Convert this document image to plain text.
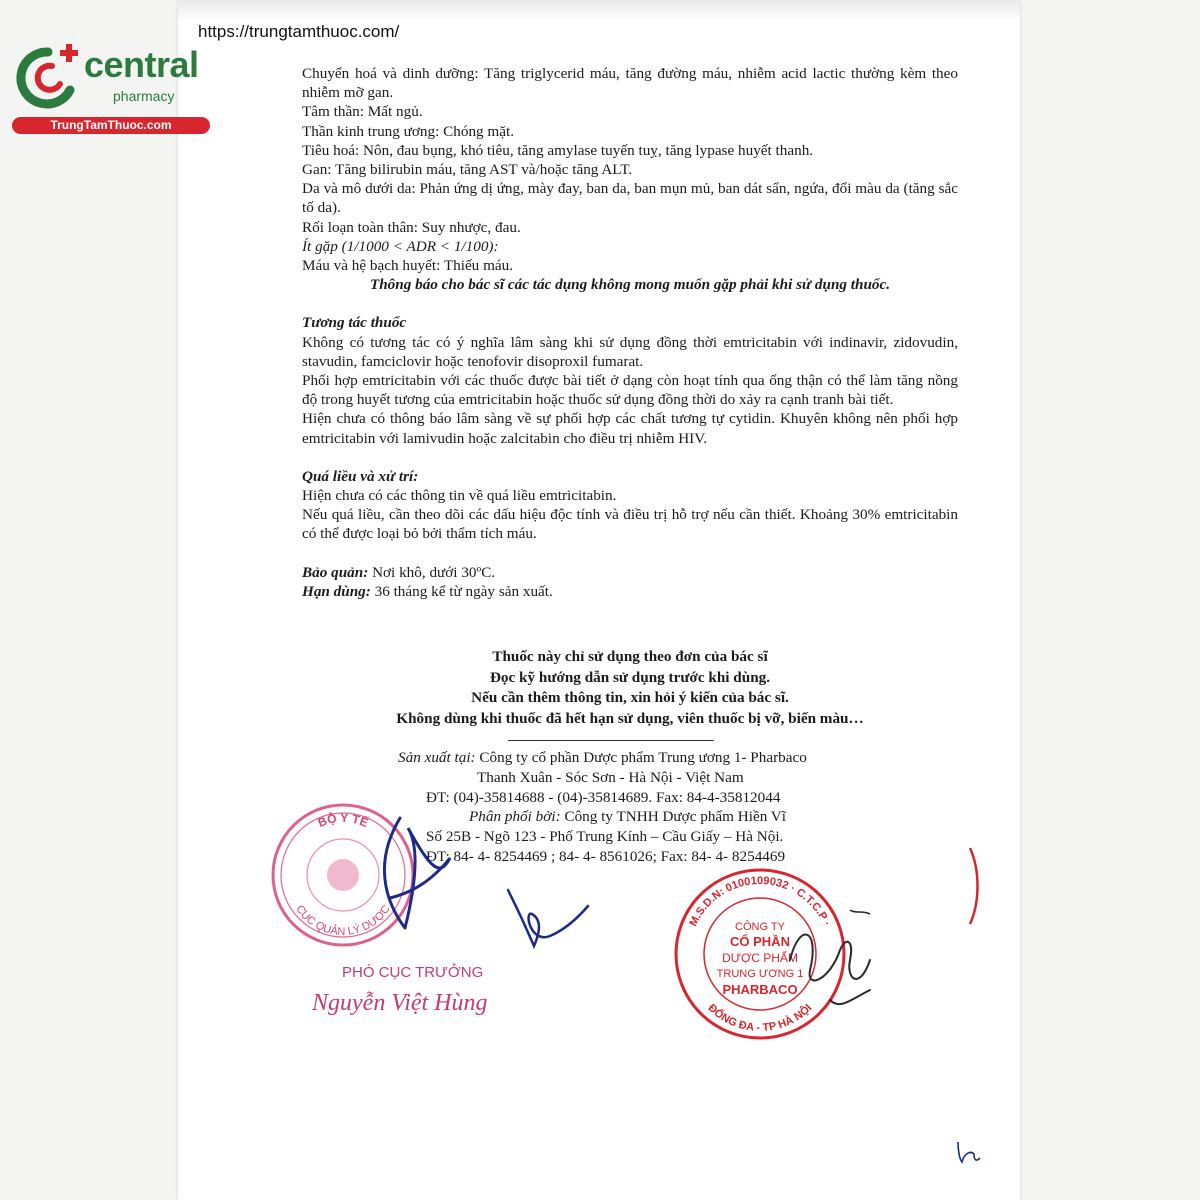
https://trungtamthuoc.com/
central
pharmacy
TrungTamThuoc.com

Chuyển hoá và dinh dưỡng: Tăng triglycerid máu, tăng đường máu, nhiễm acid lactic thường kèm theo nhiễm mỡ gan.

Tâm thần: Mất ngủ.

Thần kinh trung ương: Chóng mặt.

Tiêu hoá: Nôn, đau bụng, khó tiêu, tăng amylase tuyến tuỵ, tăng lypase huyết thanh.

Gan: Tăng bilirubin máu, tăng AST và/hoặc tăng ALT.

Da và mô dưới da: Phản ứng dị ứng, mày đay, ban da, ban mụn mủ, ban dát sẩn, ngứa, đổi màu da (tăng sắc tố da).

Rối loạn toàn thân: Suy nhược, đau.

Ít gặp (1/1000 < ADR < 1/100):

Máu và hệ bạch huyết: Thiếu máu.

Thông báo cho bác sĩ các tác dụng không mong muốn gặp phải khi sử dụng thuốc.

Tương tác thuốc

Không có tương tác có ý nghĩa lâm sàng khi sử dụng đồng thời emtricitabin với indinavir, zidovudin, stavudin, famciclovir hoặc tenofovir disoproxil fumarat.

Phối hợp emtricitabin với các thuốc được bài tiết ở dạng còn hoạt tính qua ống thận có thể làm tăng nồng độ trong huyết tương của emtricitabin hoặc thuốc sử dụng đồng thời do xảy ra cạnh tranh bài tiết.

Hiện chưa có thông báo lâm sàng về sự phối hợp các chất tương tự cytidin. Khuyên không nên phối hợp emtricitabin với lamivudin hoặc zalcitabin cho điều trị nhiễm HIV.

Quá liều và xử trí:

Hiện chưa có các thông tin về quá liều emtricitabin.

Nếu quá liều, cần theo dõi các dấu hiệu độc tính và điều trị hỗ trợ nếu cần thiết. Khoảng 30% emtricitabin có thể được loại bỏ bởi thẩm tích máu.

Bảo quản: Nơi khô, dưới 30ºC.

Hạn dùng: 36 tháng kể từ ngày sản xuất.

Thuốc này chỉ sử dụng theo đơn của bác sĩ
Đọc kỹ hướng dẫn sử dụng trước khi dùng.
Nếu cần thêm thông tin, xin hỏi ý kiến của bác sĩ.
Không dùng khi thuốc đã hết hạn sử dụng, viên thuốc bị vỡ, biến màu…
Sản xuất tại: Công ty cổ phần Dược phẩm Trung ương 1- Pharbaco
Thanh Xuân - Sóc Sơn - Hà Nội - Việt Nam
ĐT: (04)-35814688 - (04)-35814689. Fax: 84-4-35812044
Phân phối bởi: Công ty TNHH Dược phẩm Hiền Vĩ
Số 25B - Ngõ 123 - Phố Trung Kính – Cầu Giấy – Hà Nội.
ĐT: 84- 4- 8254469 ; 84- 4- 8561026; Fax: 84- 4- 8254469
BỘ Y TẾ
CỤC QUẢN LÝ DƯỢC
M.S.D.N: 0100109032 · C.T.C.P ·
ĐỐNG ĐA - TP HÀ NỘI
CÔNG TY
CỔ PHẦN
DƯỢC PHẨM
TRUNG ƯƠNG 1
PHARBACO
PHÓ CỤC TRƯỞNG
Nguyễn Việt Hùng
